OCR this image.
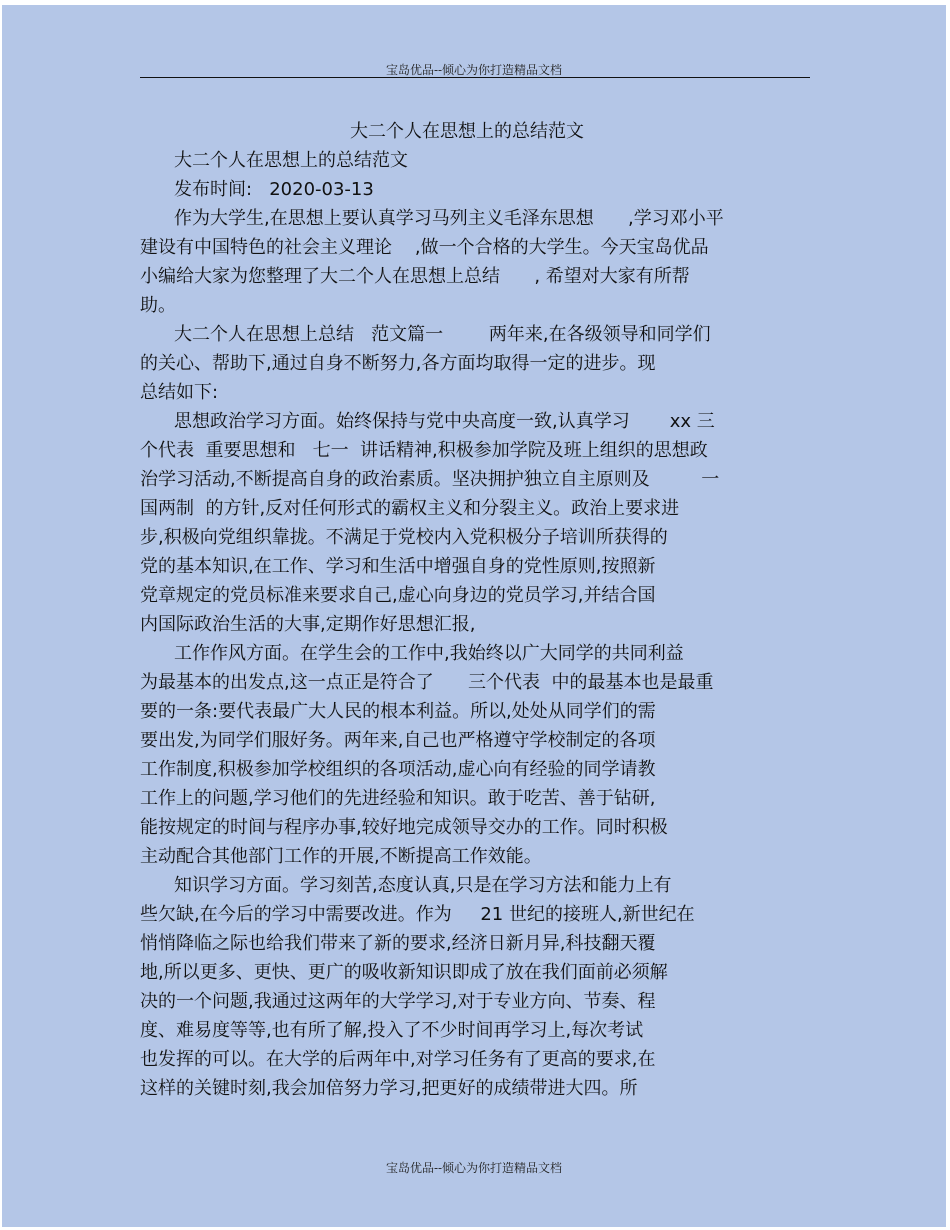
宝岛优品--倾心为你打造精品文档
大二个人在思想上的总结范文
大二个人在思想上的总结范文
发布时间:   2020-03-13
作为大学生,在思想上要认真学习马列主义毛泽东思想      ,学习邓小平
建设有中国特色的社会主义理论    ,做一个合格的大学生。今天宝岛优品
小编给大家为您整理了大二个人在思想上总结      , 希望对大家有所帮
助。
大二个人在思想上总结   范文篇一        两年来,在各级领导和同学们
的关心、帮助下,通过自身不断努力,各方面均取得一定的进步。现
总结如下:
思想政治学习方面。始终保持与党中央高度一致,认真学习       xx 三
个代表  重要思想和   七一  讲话精神,积极参加学院及班上组织的思想政
治学习活动,不断提高自身的政治素质。坚决拥护独立自主原则及         一
国两制  的方针,反对任何形式的霸权主义和分裂主义。政治上要求进
步,积极向党组织靠拢。不满足于党校内入党积极分子培训所获得的
党的基本知识,在工作、学习和生活中增强自身的党性原则,按照新
党章规定的党员标准来要求自己,虚心向身边的党员学习,并结合国
内国际政治生活的大事,定期作好思想汇报,
工作作风方面。在学生会的工作中,我始终以广大同学的共同利益
为最基本的出发点,这一点正是符合了      三个代表  中的最基本也是最重
要的一条:要代表最广大人民的根本利益。所以,处处从同学们的需
要出发,为同学们服好务。两年来,自己也严格遵守学校制定的各项
工作制度,积极参加学校组织的各项活动,虚心向有经验的同学请教
工作上的问题,学习他们的先进经验和知识。敢于吃苦、善于钻研,
能按规定的时间与程序办事,较好地完成领导交办的工作。同时积极
主动配合其他部门工作的开展,不断提高工作效能。
知识学习方面。学习刻苦,态度认真,只是在学习方法和能力上有
些欠缺,在今后的学习中需要改进。作为     21 世纪的接班人,新世纪在
悄悄降临之际也给我们带来了新的要求,经济日新月异,科技翻天覆
地,所以更多、更快、更广的吸收新知识即成了放在我们面前必须解
决的一个问题,我通过这两年的大学学习,对于专业方向、节奏、程
度、难易度等等,也有所了解,投入了不少时间再学习上,每次考试
也发挥的可以。在大学的后两年中,对学习任务有了更高的要求,在
这样的关键时刻,我会加倍努力学习,把更好的成绩带进大四。所
宝岛优品--倾心为你打造精品文档
